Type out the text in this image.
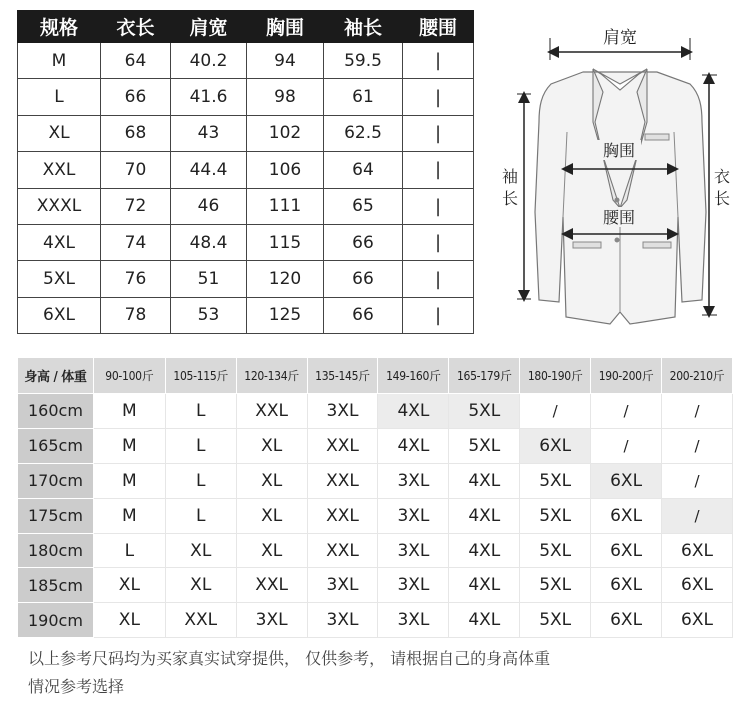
规格	衣长	肩宽	胸围	袖长	腰围
M	64	40.2	94	59.5	|
L	66	41.6	98	61	|
XL	68	43	102	62.5	|
XXL	70	44.4	106	64	|
XXXL	72	46	111	65	|
4XL	74	48.4	115	66	|
5XL	76	51	120	66	|
6XL	78	53	125	66	|
肩宽
胸围
腰围
袖
长
衣
长
身高 / 体重	90-100斤	105-115斤	120-134斤	135-145斤	149-160斤	165-179斤	180-190斤	190-200斤	200-210斤
160cm	M	L	XXL	3XL	4XL	5XL	/	/	/
165cm	M	L	XL	XXL	4XL	5XL	6XL	/	/
170cm	M	L	XL	XXL	3XL	4XL	5XL	6XL	/
175cm	M	L	XL	XXL	3XL	4XL	5XL	6XL	/
180cm	L	XL	XL	XXL	3XL	4XL	5XL	6XL	6XL
185cm	XL	XL	XXL	3XL	3XL	4XL	5XL	6XL	6XL
190cm	XL	XXL	3XL	3XL	3XL	4XL	5XL	6XL	6XL

以上参考尺码均为买家真实试穿提供， 仅供参考， 请根据自己的身高体重
情况参考选择
